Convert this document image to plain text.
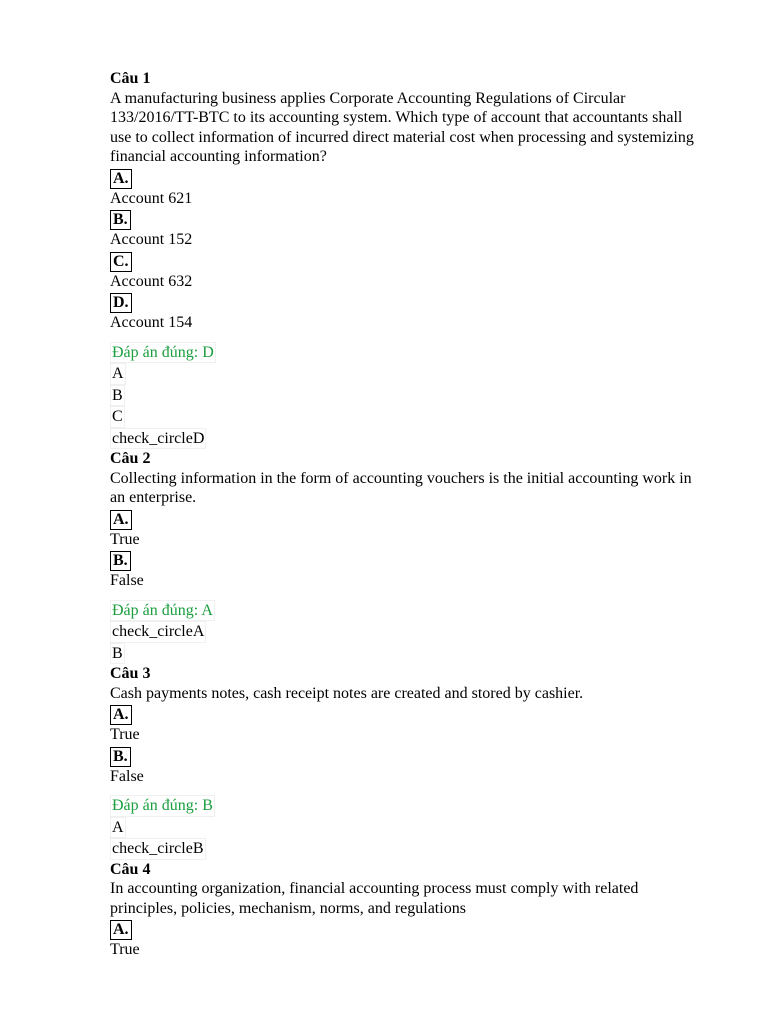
Câu 1
A manufacturing business applies Corporate Accounting Regulations of Circular 133/2016/TT-BTC to its accounting system. Which type of account that accountants shall use to collect information of incurred direct material cost when processing and systemizing financial accounting information?
A.
Account 621
B.
Account 152
C.
Account 632
D.
Account 154
Đáp án đúng: D
A
B
C
check_circleD
Câu 2
Collecting information in the form of accounting vouchers is the initial accounting work in an enterprise.
A.
True
B.
False
Đáp án đúng: A
check_circleA
B
Câu 3
Cash payments notes, cash receipt notes are created and stored by cashier.
A.
True
B.
False
Đáp án đúng: B
A
check_circleB
Câu 4
In accounting organization, financial accounting process must comply with related principles, policies, mechanism, norms, and regulations
A.
True
